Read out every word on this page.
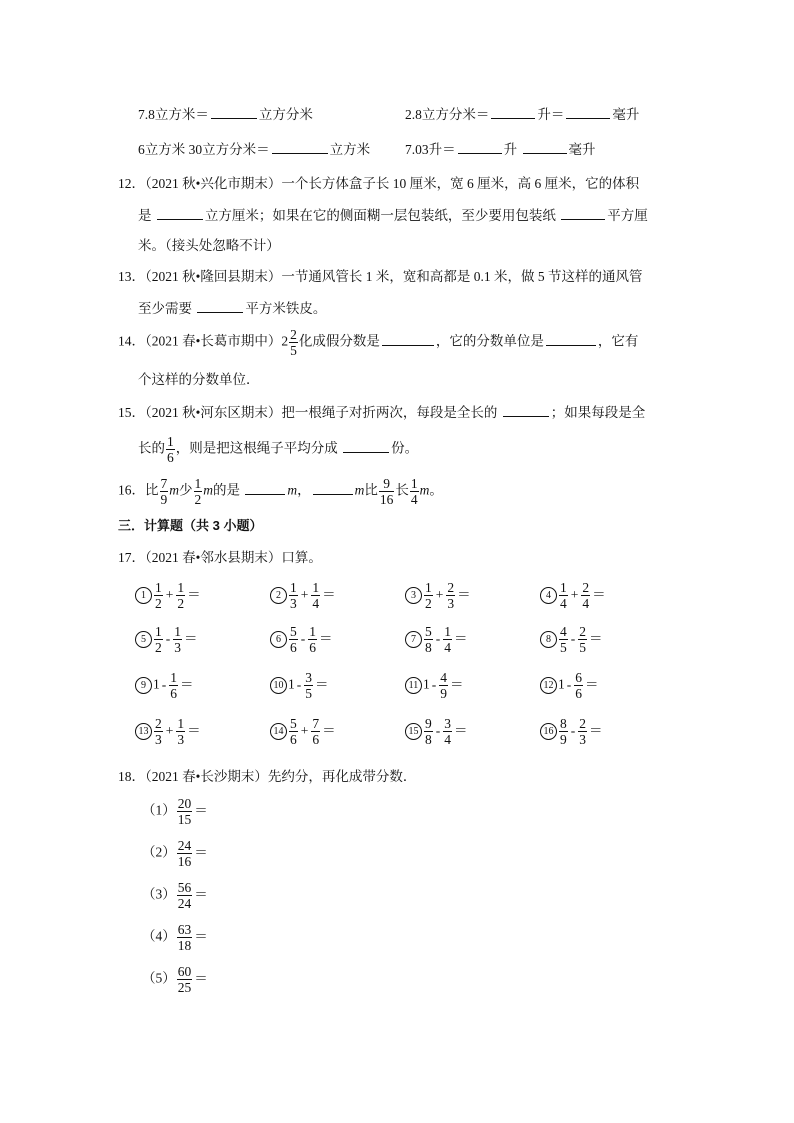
7.8立方米＝	立方分米	2.8立方分米＝	升＝	毫升
6立方米 30立方分米＝	立方米	7.03升＝	升	毫升
12．（2021 秋•兴化市期末）一个长方体盒子长 10 厘米，宽 6 厘米，高 6 厘米，它的体积
是	立方厘米；如果在它的侧面糊一层包装纸，至少要用包装纸	平方厘
米。（接头处忽略不计）
13．（2021 秋•隆回县期末）一节通风管长 1 米，宽和高都是 0.1 米，做 5 节这样的通风管
至少需要	平方米铁皮。
14．（2021 春•长葛市期中）$2 \frac{2}{5}$ 化成假分数是	，它的分数单位是	，它有
个这样的分数单位．
15．（2021 秋•河东区期末）把一根绳子对折两次，每段是全长的	；如果每段是全
长的 $\frac{1}{6}$ ，则是把这根绳子平均分成	份。
16．比 $\frac{7}{9}$ m少 $\frac{1}{2}$ m的是	m，	m比 $\frac{9}{16}$ 长 $\frac{1}{4}$ m。
三．计算题（共 3 小题）
17．（2021 春•邻水县期末）口算。
$1 \frac{1}{2} + \frac{1}{2}$ ＝	$2 \frac{1}{3} + \frac{1}{4}$ ＝	$3 \frac{1}{2} + \frac{2}{3}$ ＝	$4 \frac{1}{4} + \frac{2}{4}$ ＝
$5 \frac{1}{2} - \frac{1}{3}$ ＝	$6 \frac{5}{6} - \frac{1}{6}$ ＝	$7 \frac{5}{8} - \frac{1}{4}$ ＝	$8 \frac{4}{5} - \frac{2}{5}$ ＝
9 $1 - \frac{1}{6}$ ＝	10 $1 - \frac{3}{5}$ ＝	11 $1 - \frac{4}{9}$ ＝	12 $1 - \frac{6}{6}$ ＝
$13 \frac{2}{3} + \frac{1}{3}$ ＝	$14 \frac{5}{6} + \frac{7}{6}$ ＝	$15 \frac{9}{8} - \frac{3}{4}$ ＝	$16 \frac{8}{9} - \frac{2}{3}$ ＝
18．（2021 春•长沙期末）先约分，再化成带分数．
$(1) \frac{20}{15}$ ＝
$(2) \frac{24}{16}$ ＝
$(3) \frac{56}{24}$ ＝
$(4) \frac{63}{18}$ ＝
$(5) \frac{60}{25}$ ＝
